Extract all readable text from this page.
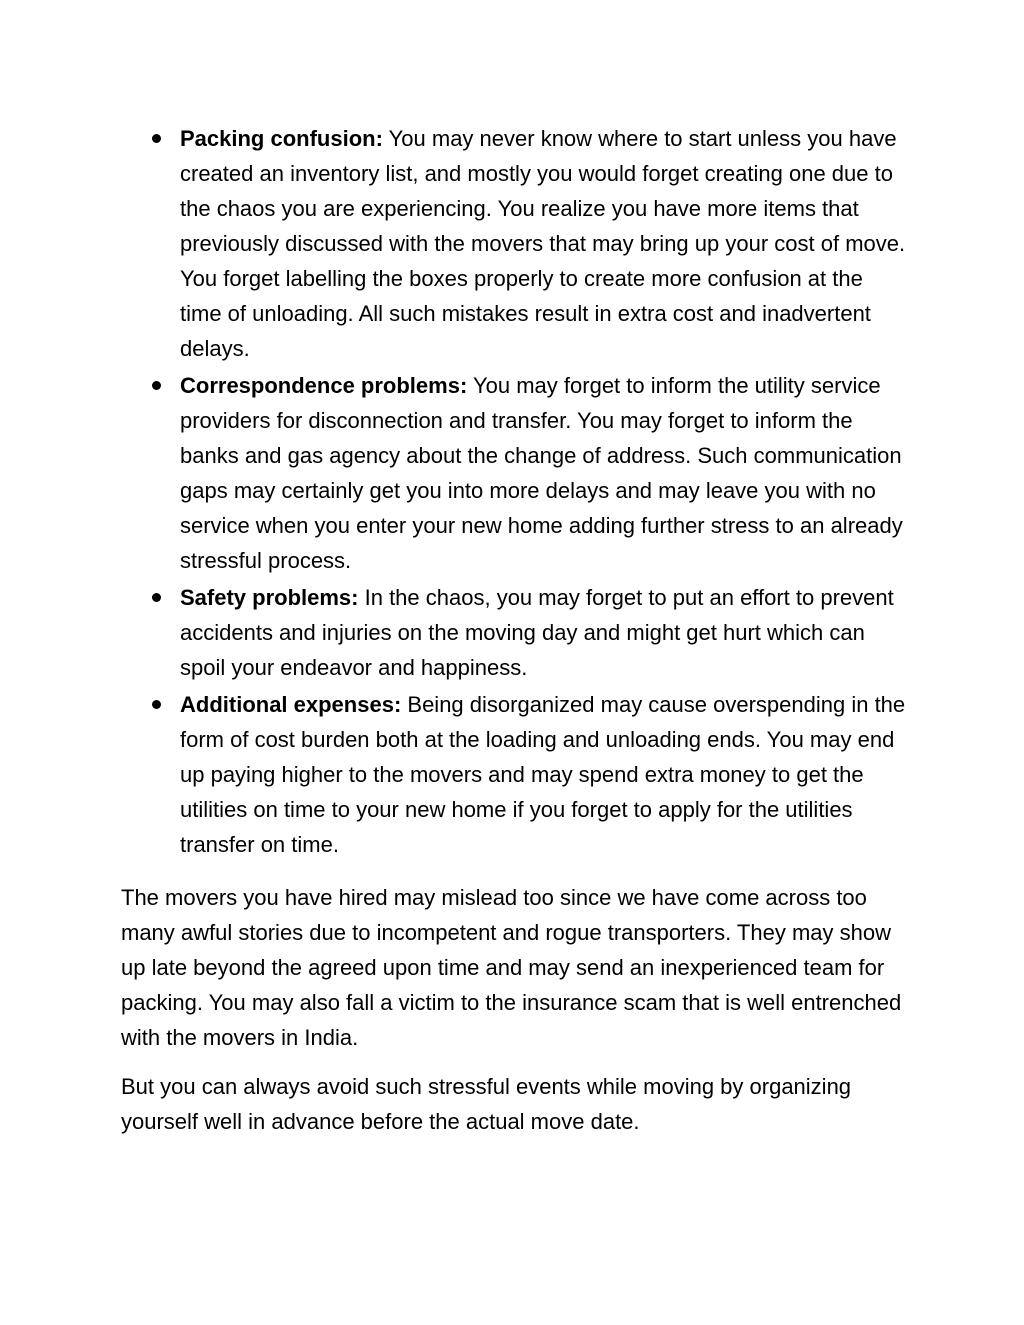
Packing confusion: You may never know where to start unless you have created an inventory list, and mostly you would forget creating one due to the chaos you are experiencing. You realize you have more items that previously discussed with the movers that may bring up your cost of move. You forget labelling the boxes properly to create more confusion at the time of unloading. All such mistakes result in extra cost and inadvertent delays.
Correspondence problems: You may forget to inform the utility service providers for disconnection and transfer. You may forget to inform the banks and gas agency about the change of address. Such communication gaps may certainly get you into more delays and may leave you with no service when you enter your new home adding further stress to an already stressful process.
Safety problems: In the chaos, you may forget to put an effort to prevent accidents and injuries on the moving day and might get hurt which can spoil your endeavor and happiness.
Additional expenses: Being disorganized may cause overspending in the form of cost burden both at the loading and unloading ends. You may end up paying higher to the movers and may spend extra money to get the utilities on time to your new home if you forget to apply for the utilities transfer on time.

The movers you have hired may mislead too since we have come across too many awful stories due to incompetent and rogue transporters. They may show up late beyond the agreed upon time and may send an inexperienced team for packing. You may also fall a victim to the insurance scam that is well entrenched with the movers in India.

But you can always avoid such stressful events while moving by organizing yourself well in advance before the actual move date.
